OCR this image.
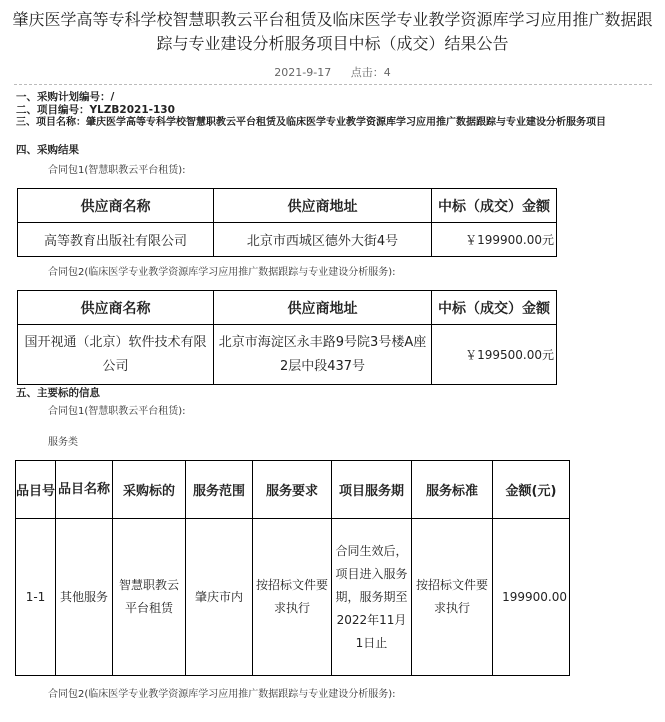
肇庆医学高等专科学校智慧职教云平台租赁及临床医学专业教学资源库学习应用推广数据跟踪与专业建设分析服务项目中标（成交）结果公告
2021-9-17 点击：4
一、采购计划编号：/
二、项目编号：YLZB2021-130
三、项目名称：肇庆医学高等专科学校智慧职教云平台租赁及临床医学专业教学资源库学习应用推广数据跟踪与专业建设分析服务项目
四、采购结果
合同包1(智慧职教云平台租赁):
供应商名称	供应商地址	中标（成交）金额
高等教育出版社有限公司	北京市西城区德外大街4号	￥199900.00元
合同包2(临床医学专业教学资源库学习应用推广数据跟踪与专业建设分析服务):
供应商名称	供应商地址	中标（成交）金额
国开视通（北京）软件技术有限公司	北京市海淀区永丰路9号院3号楼A座2层中段437号	￥199500.00元
五、主要标的信息
合同包1(智慧职教云平台租赁):
服务类
品目号	品目名称	采购标的	服务范围	服务要求	项目服务期	服务标准	金额(元)
1-1	其他服务	智慧职教云平台租赁	肇庆市内	按招标文件要求执行	合同生效后，项目进入服务期，服务期至2022年11月1日止	按招标文件要求执行	199900.00
合同包2(临床医学专业教学资源库学习应用推广数据跟踪与专业建设分析服务):
